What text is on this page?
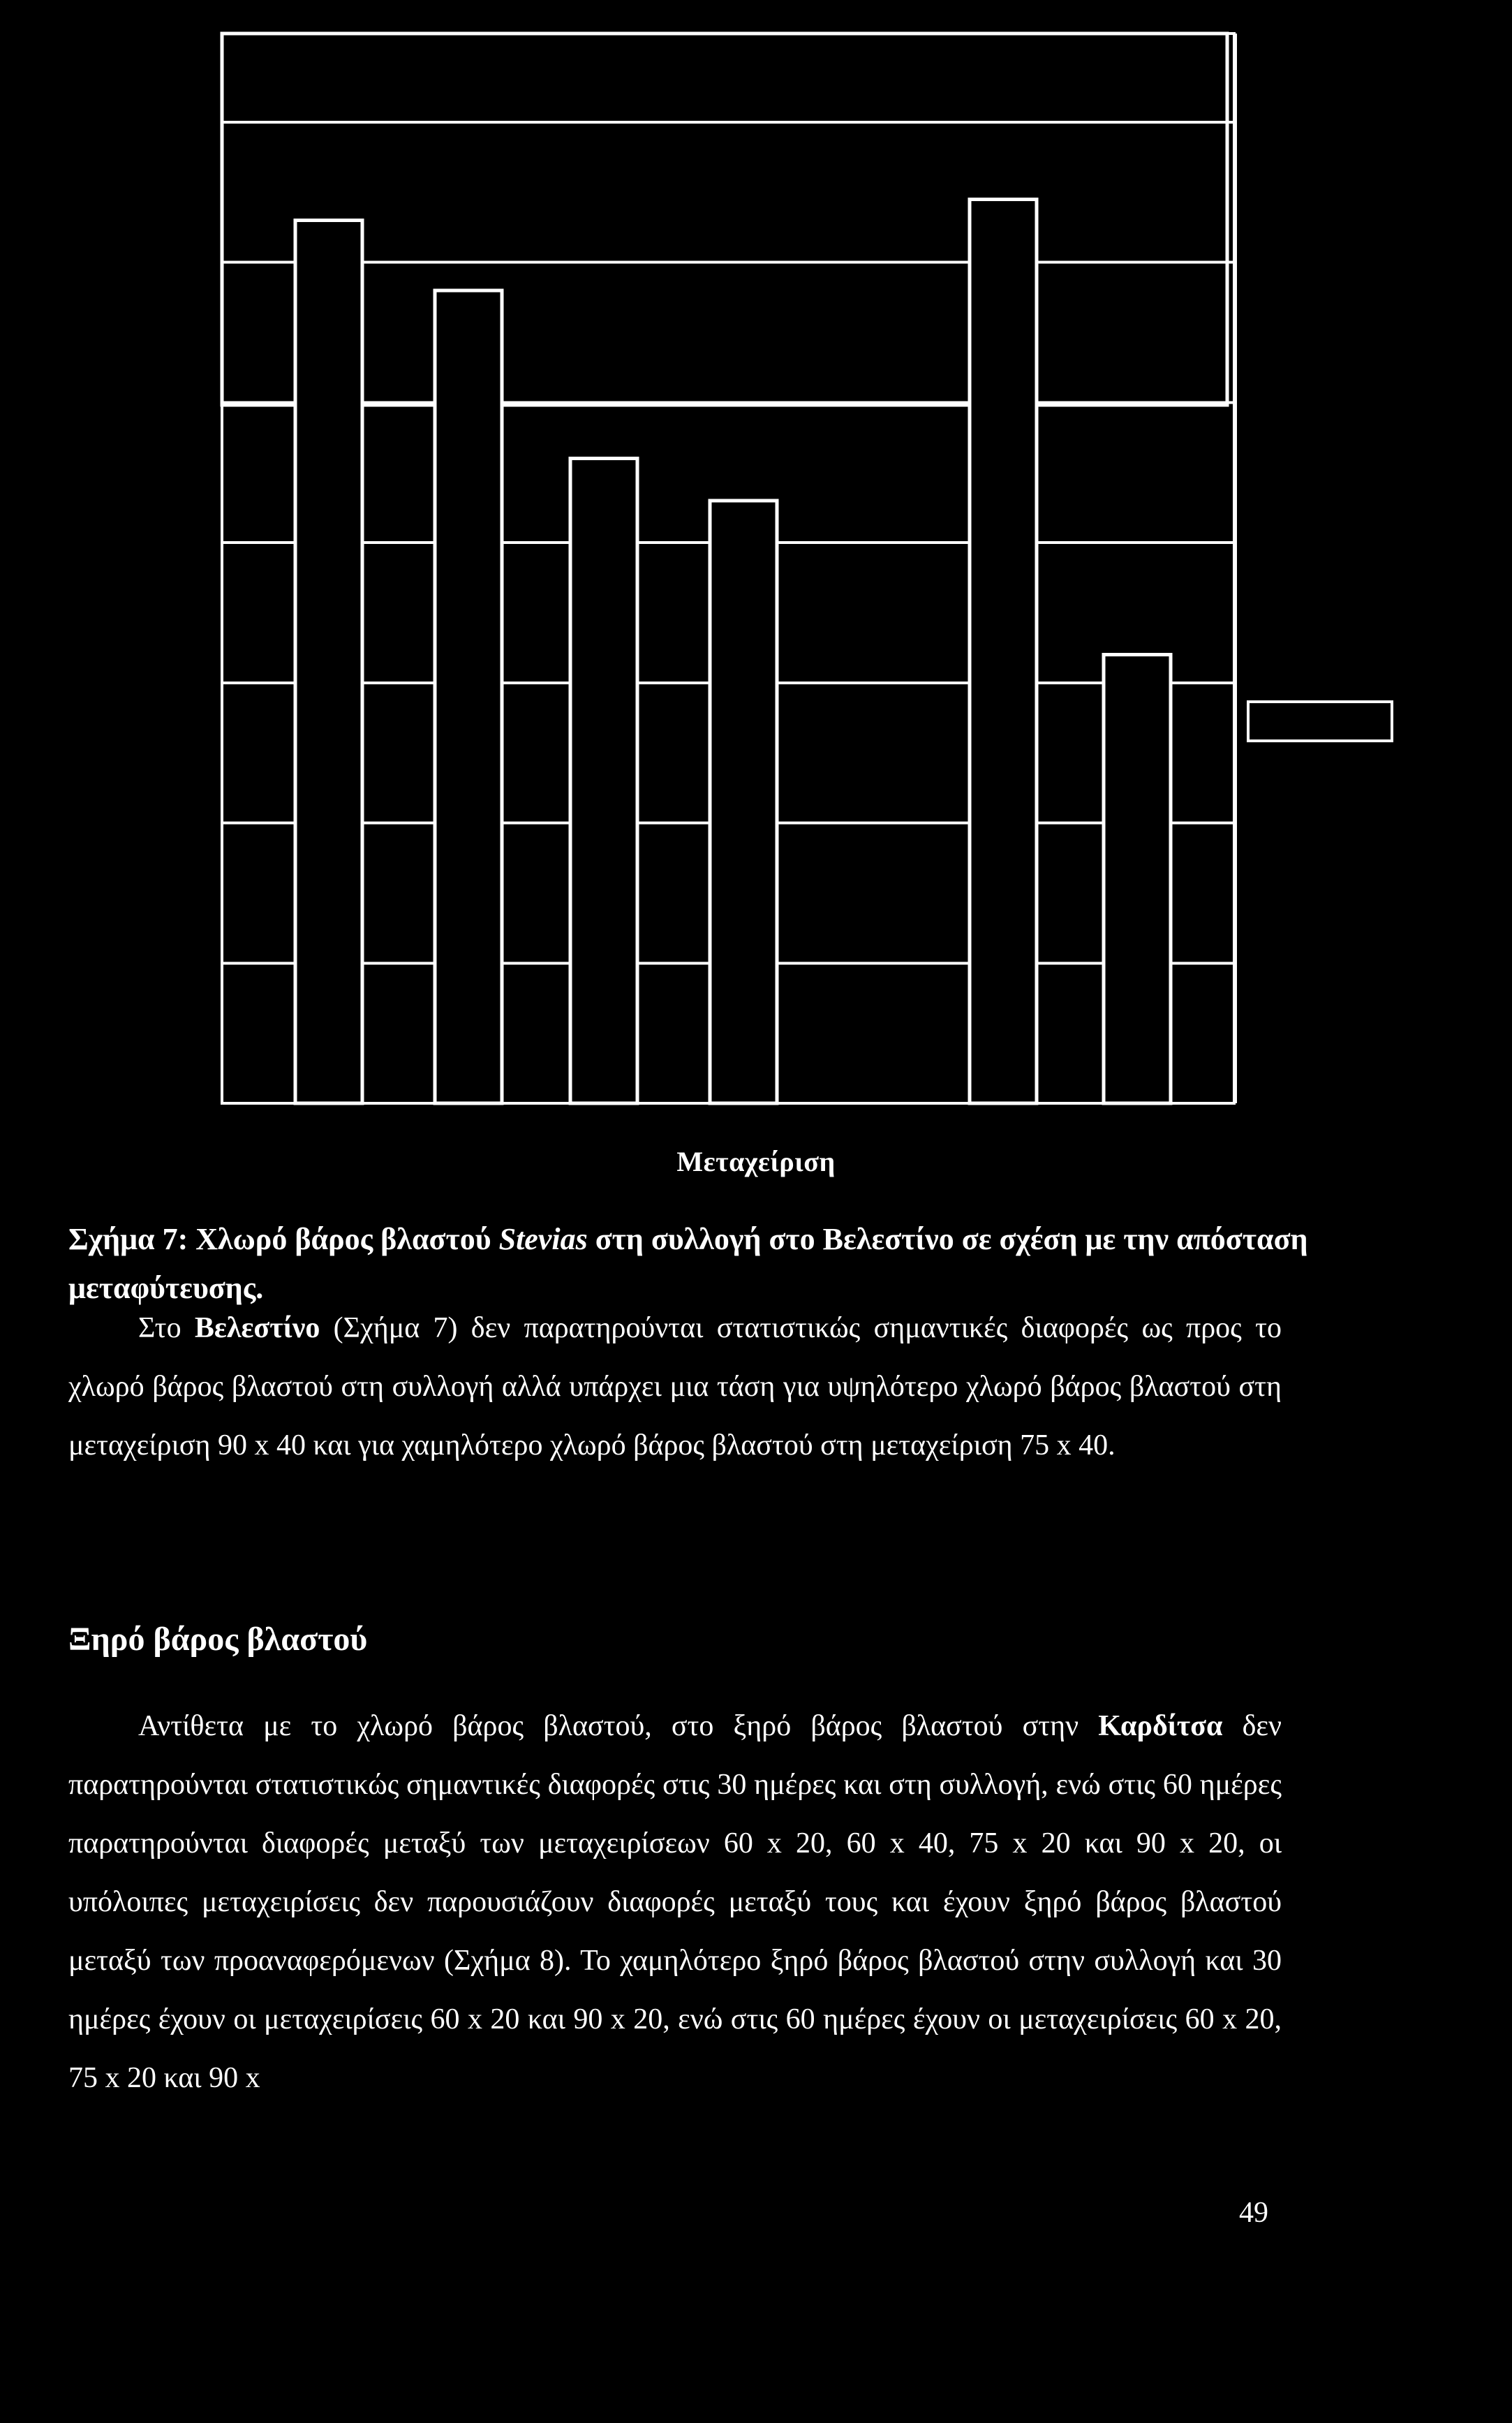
Μεταχείριση
Σχήμα 7: Χλωρό βάρος βλαστού Stevias στη συλλογή στο Βελεστίνο σε σχέση με την απόσταση μεταφύτευσης.
Στο Βελεστίνο (Σχήμα 7) δεν παρατηρούνται στατιστικώς σημαντικές διαφορές ως προς το χλωρό βάρος βλαστού στη συλλογή αλλά υπάρχει μια τάση για υψηλότερο χλωρό βάρος βλαστού στη μεταχείριση 90 x 40 και για χαμηλότερο χλωρό βάρος βλαστού στη μεταχείριση 75 x 40.
Ξηρό βάρος βλαστού
Αντίθετα με το χλωρό βάρος βλαστού, στο ξηρό βάρος βλαστού στην Καρδίτσα δεν παρατηρούνται στατιστικώς σημαντικές διαφορές στις 30 ημέρες και στη συλλογή, ενώ στις 60 ημέρες παρατηρούνται διαφορές μεταξύ των μεταχειρίσεων 60 x 20, 60 x 40, 75 x 20 και 90 x 20, οι υπόλοιπες μεταχειρίσεις δεν παρουσιάζουν διαφορές μεταξύ τους και έχουν ξηρό βάρος βλαστού μεταξύ των προαναφερόμενων (Σχήμα 8). Το χαμηλότερο ξηρό βάρος βλαστού στην συλλογή και 30 ημέρες έχουν οι μεταχειρίσεις 60 x 20 και 90 x 20, ενώ στις 60 ημέρες έχουν οι μεταχειρίσεις 60 x 20, 75 x 20 και 90 x
49
